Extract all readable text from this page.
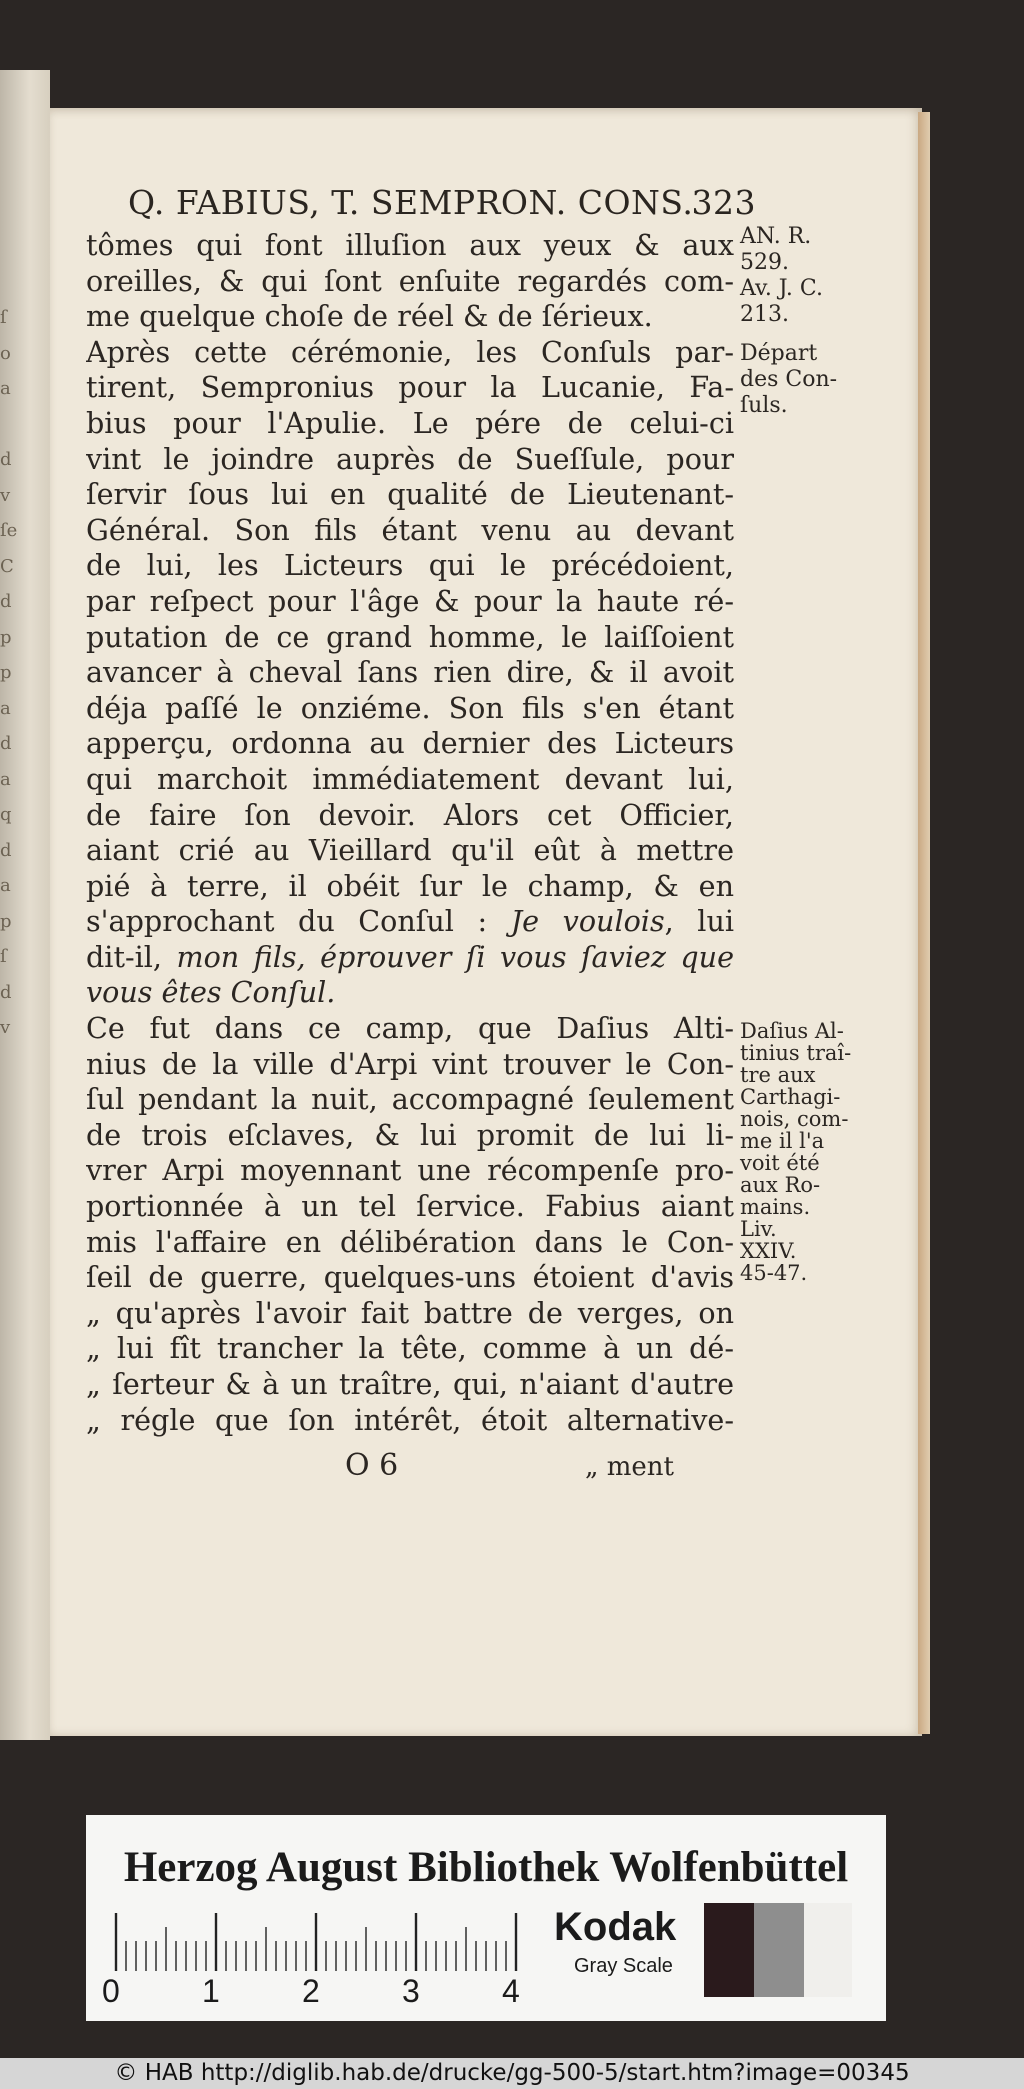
ſ
o
a
d
v
ſe
C
d
p
p
a
d
a
q
d
a
p
ſ
d
v
Q. FABIUS, T. SEMPRON. CONS.
323
tômes qui font illuſion aux yeux & aux
oreilles, & qui ſont enſuite regardés com-
me quelque choſe de réel & de ſérieux.
Après cette cérémonie, les Conſuls par-
tirent, Sempronius pour la Lucanie, Fa-
bius pour l'Apulie. Le pére de celui-ci
vint le joindre auprès de Sueſſule, pour
ſervir ſous lui en qualité de Lieutenant-
Général. Son fils étant venu au devant
de lui, les Licteurs qui le précédoient,
par reſpect pour l'âge & pour la haute ré-
putation de ce grand homme, le laiſſoient
avancer à cheval ſans rien dire, & il avoit
déja paſſé le onziéme. Son fils s'en étant
apperçu, ordonna au dernier des Licteurs
qui marchoit immédiatement devant lui,
de faire ſon devoir. Alors cet Officier,
aiant crié au Vieillard qu'il eût à mettre
pié à terre, il obéit ſur le champ, & en
s'approchant du Conſul : Je voulois, lui
dit-il, mon fils, éprouver ſi vous ſaviez que
vous êtes Conſul.
Ce fut dans ce camp, que Daſius Alti-
nius de la ville d'Arpi vint trouver le Con-
ſul pendant la nuit, accompagné ſeulement
de trois eſclaves, & lui promit de lui li-
vrer Arpi moyennant une récompenſe pro-
portionnée à un tel ſervice. Fabius aiant
mis l'affaire en délibération dans le Con-
ſeil de guerre, quelques-uns étoient d'avis
„ qu'après l'avoir fait battre de verges, on
„ lui fît trancher la tête, comme à un dé-
„ ſerteur & à un traître, qui, n'aiant d'autre
„ régle que ſon intérêt, étoit alternative-
AN. R.
529.
Av. J. C.
213.
Départ
des Con-
ſuls.
Daſius Al-
tinius traî-
tre aux
Carthagi-
nois, com-
me il l'a
voit été
aux Ro-
mains.
Liv.
XXIV.
45-47.
O 6	„ ment
Herzog August Bibliothek Wolfenbüttel
0	1	2	3	4
Kodak
Gray Scale
© HAB http://diglib.hab.de/drucke/gg-500-5/start.htm?image=00345
